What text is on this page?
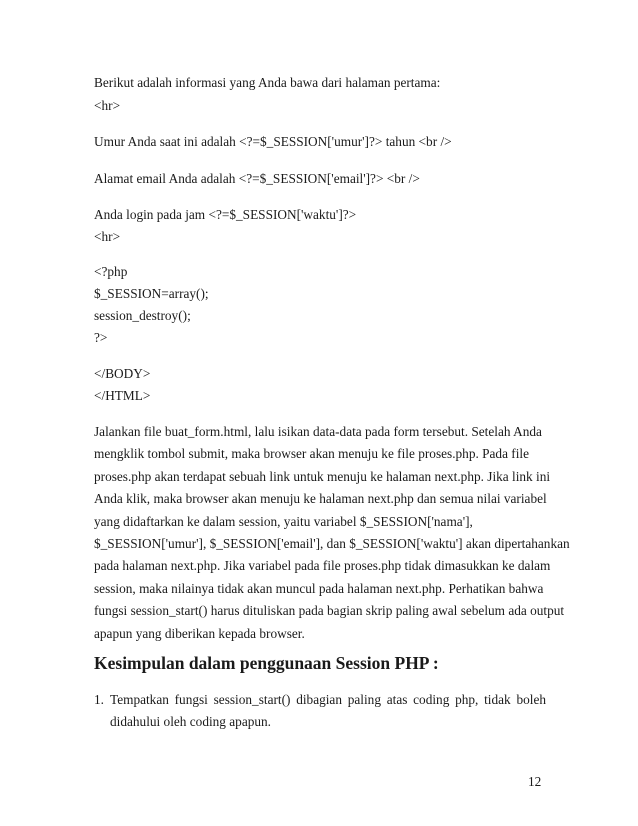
Berikut adalah informasi yang Anda bawa dari halaman pertama:
<hr>
Umur Anda saat ini adalah <?=$_SESSION['umur']?> tahun <br />
Alamat email Anda adalah <?=$_SESSION['email']?> <br />
Anda login pada jam <?=$_SESSION['waktu']?>
<hr>
<?php
$_SESSION=array();
session_destroy();
?>
</BODY>
</HTML>
Jalankan file buat_form.html, lalu isikan data-data pada form tersebut. Setelah Anda
mengklik tombol submit, maka browser akan menuju ke file proses.php. Pada file
proses.php akan terdapat sebuah link untuk menuju ke halaman next.php. Jika link ini
Anda klik, maka browser akan menuju ke halaman next.php dan semua nilai variabel
yang didaftarkan ke dalam session, yaitu variabel $_SESSION['nama'],
$_SESSION['umur'], $_SESSION['email'], dan $_SESSION['waktu'] akan dipertahankan
pada halaman next.php. Jika variabel pada file proses.php tidak dimasukkan ke dalam
session, maka nilainya tidak akan muncul pada halaman next.php. Perhatikan bahwa
fungsi session_start() harus dituliskan pada bagian skrip paling awal sebelum ada output
apapun yang diberikan kepada browser.
Kesimpulan dalam penggunaan Session PHP :
1. Tempatkan fungsi session_start() dibagian paling atas coding php, tidak boleh
didahului oleh coding apapun.
12
